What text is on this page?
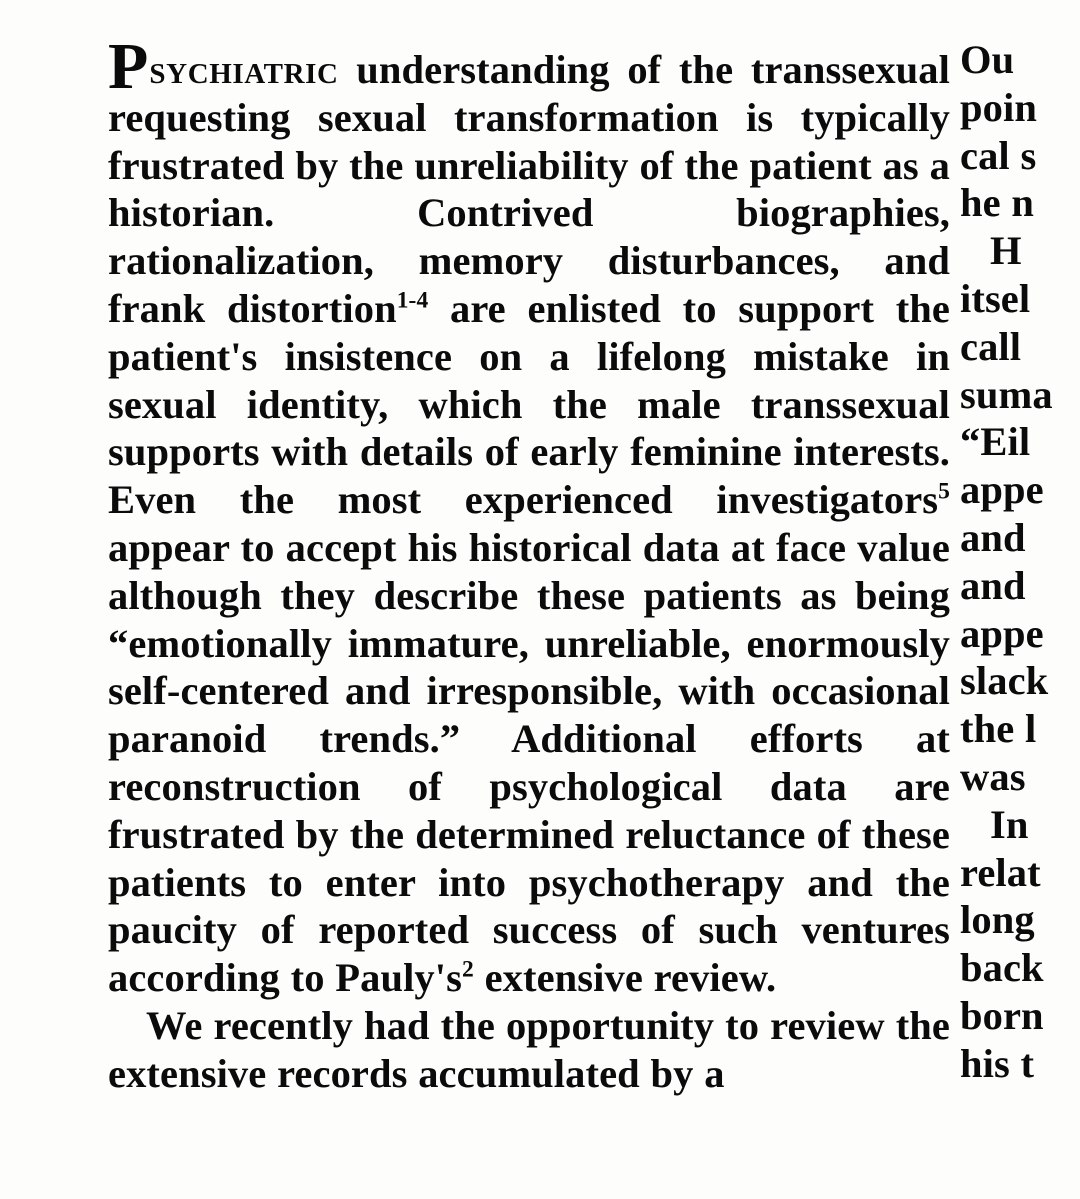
Psychiatric understanding of the transsexual requesting sexual transformation is typically frustrated by the unreliability of the patient as a historian. Contrived biographies, rationalization, memory disturbances, and frank distortion$^{1-4}$ are enlisted to support the patient's insistence on a lifelong mistake in sexual identity, which the male transsexual supports with details of early feminine interests. Even the most experienced investigators$^5$ appear to accept his historical data at face value although they describe these patients as being “emotionally immature, unreliable, enormously self-centered and irresponsible, with occasional paranoid trends.” Additional efforts at reconstruction of psychological data are frustrated by the determined reluctance of these patients to enter into psychotherapy and the paucity of reported success of such ventures according to $Pauly's^2$ extensive review.

We recently had the opportunity to review the extensive records accumulated by a

Ou

poin

cal s

he n

H

itsel

call

suma

“Eil

appe

and

and

appe

slack

the l

was

In

relat

long

back

born

his t
